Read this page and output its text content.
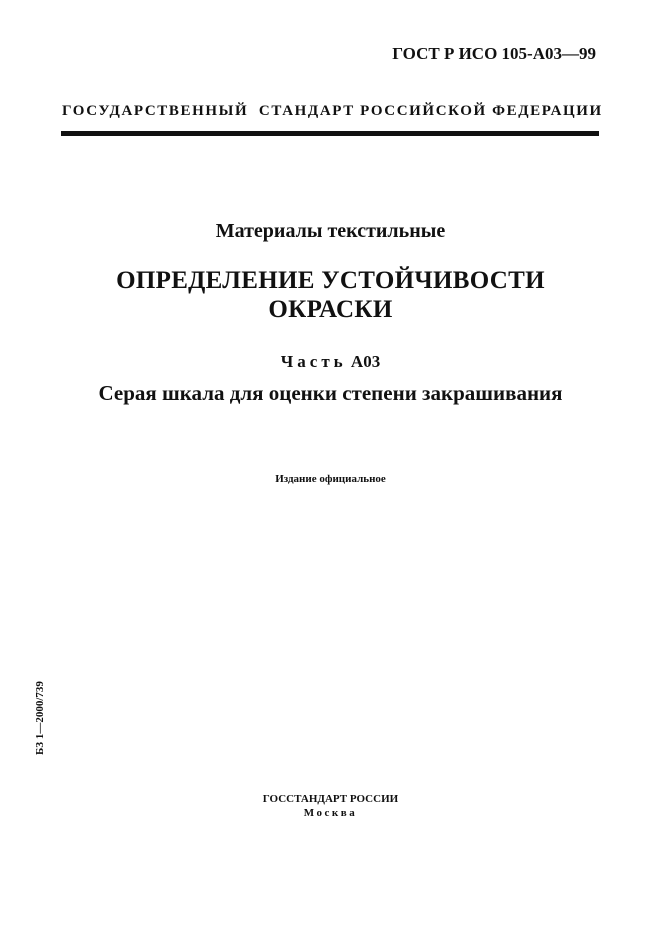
ГОСТ Р ИСО 105-А03—99
ГОСУДАРСТВЕННЫЙ  СТАНДАРТ РОССИЙСКОЙ ФЕДЕРАЦИИ
Материалы текстильные
ОПРЕДЕЛЕНИЕ УСТОЙЧИВОСТИ
ОКРАСКИ
Часть А03
Серая шкала для оценки степени закрашивания
Издание официальное
БЗ 1—2000/739
ГОССТАНДАРТ РОССИИ
Москва
